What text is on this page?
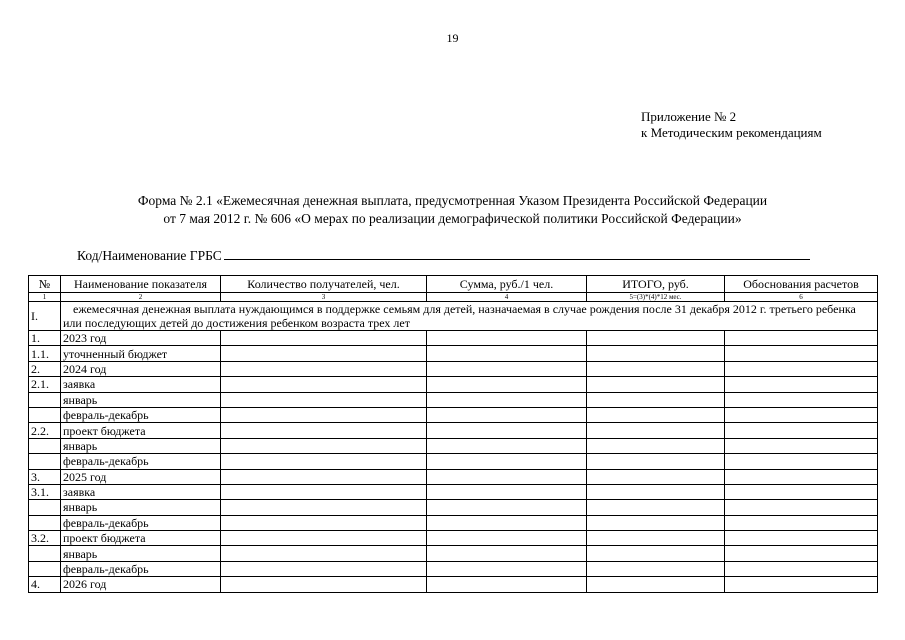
19
Приложение № 2
к Методическим рекомендациям
Форма № 2.1 «Ежемесячная денежная выплата, предусмотренная Указом Президента Российской Федерации
от 7 мая 2012 г. № 606 «О мерах по реализации демографической политики Российской Федерации»
Код/Наименование ГРБС
№	Наименование показателя	Количество получателей, чел.	Сумма, руб./1 чел.	ИТОГО, руб.	Обоснования расчетов
1	2	3	4	5=(3)*(4)*12 мес.	6
I.	ежемесячная денежная выплата нуждающимся в поддержке семьям для детей, назначаемая в случае рождения после 31 декабря 2012 г. третьего ребенка или последующих детей до достижения ребенком возраста трех лет				
1.	2023 год				
1.1.	уточненный бюджет				
2.	2024 год				
2.1.	заявка				
	январь				
	февраль-декабрь				
2.2.	проект бюджета				
	январь				
	февраль-декабрь				
3.	2025 год				
3.1.	заявка				
	январь				
	февраль-декабрь				
3.2.	проект бюджета				
	январь				
	февраль-декабрь				
4.	2026 год				
